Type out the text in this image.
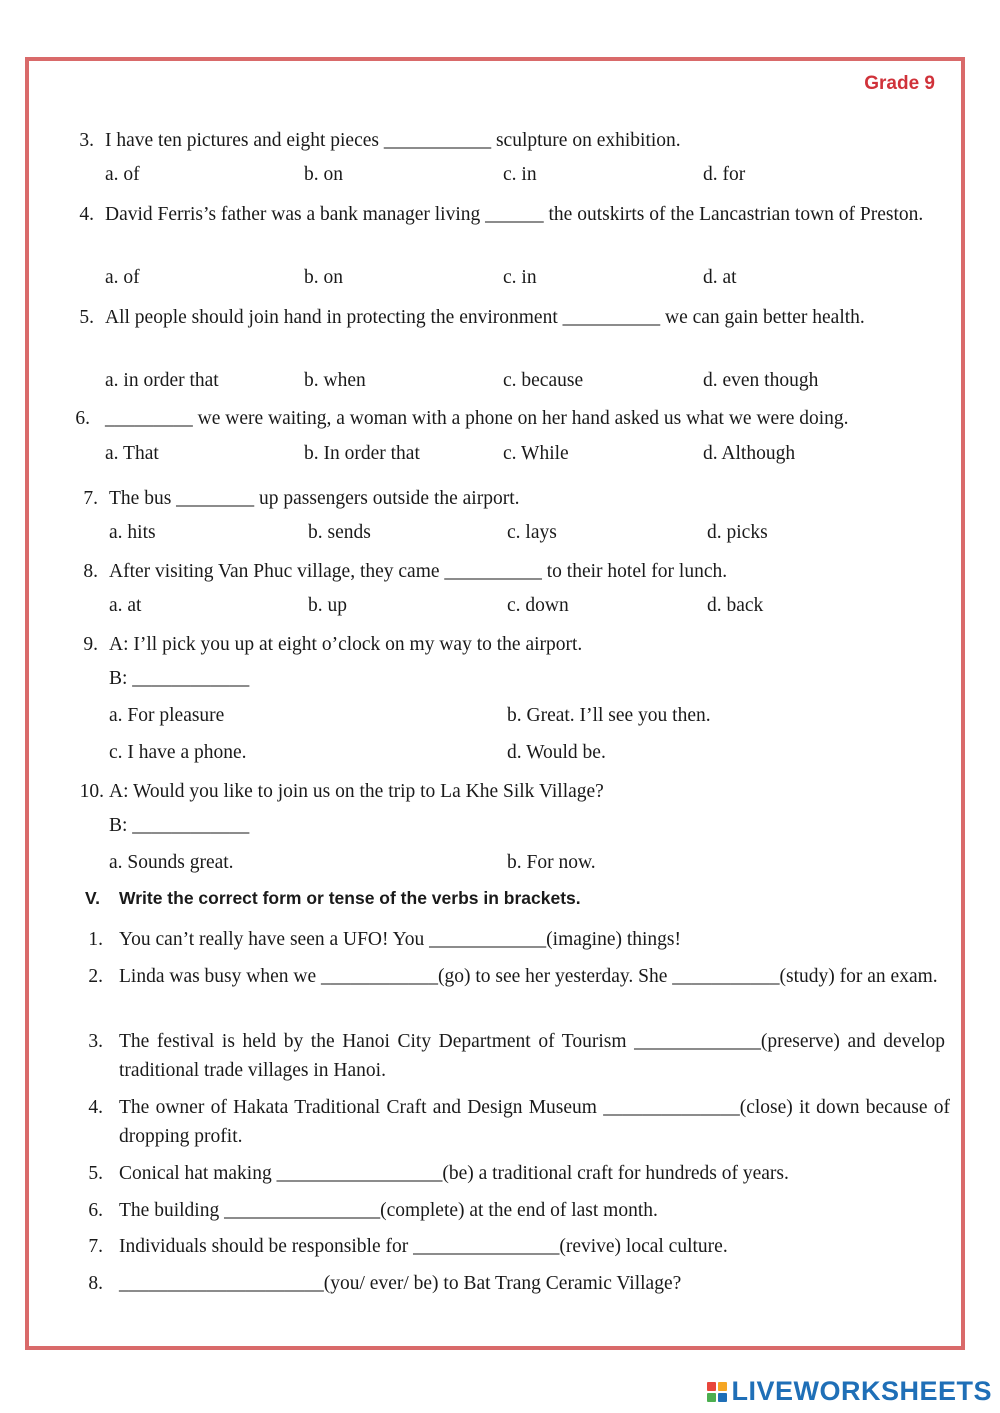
Grade 9
3. I have ten pictures and eight pieces ___________ sculpture on exhibition.
a. of	b. on	c. in	d. for
4. David Ferris’s father was a bank manager living ______ the outskirts of the Lancastrian town of Preston.
a. of	b. on	c. in	d. at
5. All people should join hand in protecting the environment __________ we can gain better health.
a. in order that	b. when	c. because	d. even though
6. _________ we were waiting, a woman with a phone on her hand asked us what we were doing.
a. That	b. In order that	c. While	d. Although
7. The bus ________ up passengers outside the airport.
a. hits	b. sends	c. lays	d. picks
8. After visiting Van Phuc village, they came __________ to their hotel for lunch.
a. at	b. up	c. down	d. back
9. A: I’ll pick you up at eight o’clock on my way to the airport.
B: ____________
a. For pleasure	b. Great. I’ll see you then.
c. I have a phone.	d. Would be.
10. A: Would you like to join us on the trip to La Khe Silk Village?
B: ____________
a. Sounds great.	b. For now.
V. Write the correct form or tense of the verbs in brackets.
1. You can’t really have seen a UFO! You ____________(imagine) things!
2. Linda was busy when we ____________(go) to see her yesterday. She ___________(study) for an exam.
3. The festival is held by the Hanoi City Department of Tourism _____________(preserve) and develop traditional trade villages in Hanoi.
4. The owner of Hakata Traditional Craft and Design Museum ______________(close) it down because of dropping profit.
5. Conical hat making _________________(be) a traditional craft for hundreds of years.
6. The building ________________(complete) at the end of last month.
7. Individuals should be responsible for _______________(revive) local culture.
8. _____________________(you/ ever/ be) to Bat Trang Ceramic Village?
LIVEWORKSHEETS
